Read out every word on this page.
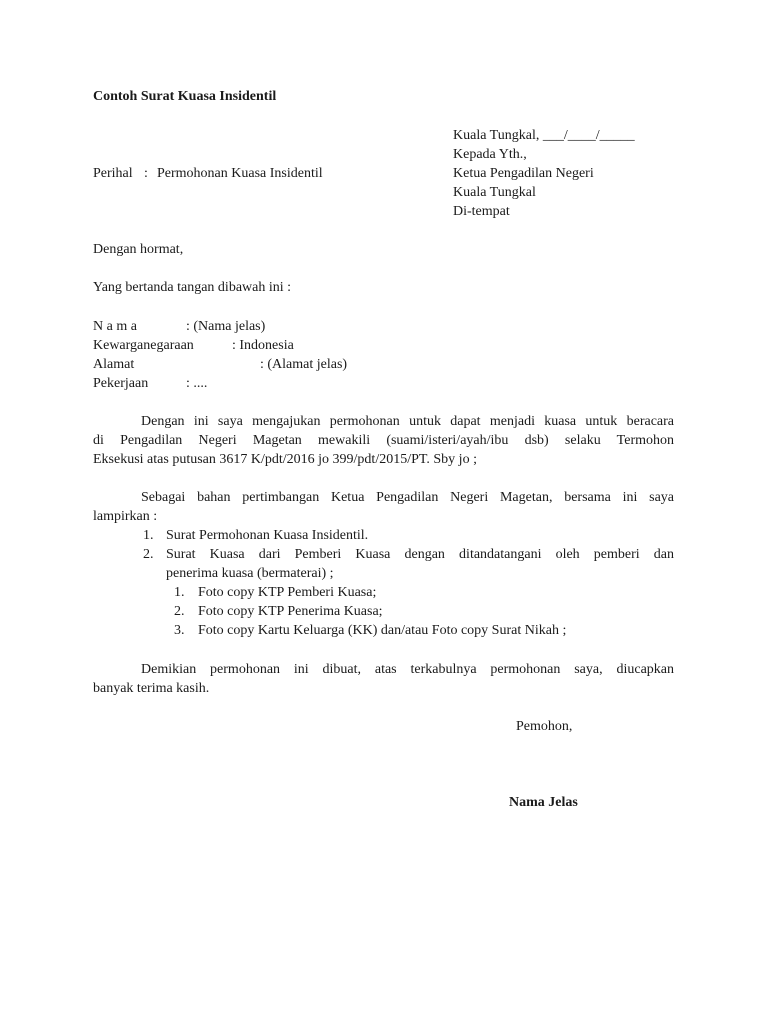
Contoh Surat Kuasa Insidentil
Kuala Tungkal, ___/____/_____
Kepada Yth.,
Ketua Pengadilan Negeri
Kuala Tungkal
Di-tempat
Perihal : Permohonan Kuasa Insidentil
Dengan hormat,
Yang bertanda tangan dibawah ini :
N a m a	: (Nama jelas)
Kewarganegaraan	: Indonesia
Alamat	: (Alamat jelas)
Pekerjaan	: ....
Dengan ini saya mengajukan permohonan untuk dapat menjadi kuasa untuk beracara
di Pengadilan Negeri Magetan mewakili (suami/isteri/ayah/ibu dsb) selaku Termohon
Eksekusi atas putusan 3617 K/pdt/2016 jo 399/pdt/2015/PT. Sby jo ;
Sebagai bahan pertimbangan Ketua Pengadilan Negeri Magetan, bersama ini saya
lampirkan :
1. Surat Permohonan Kuasa Insidentil.
2. Surat Kuasa dari Pemberi Kuasa dengan ditandatangani oleh pemberi dan
penerima kuasa (bermaterai) ;
1. Foto copy KTP Pemberi Kuasa;
2. Foto copy KTP Penerima Kuasa;
3. Foto copy Kartu Keluarga (KK) dan/atau Foto copy Surat Nikah ;
Demikian permohonan ini dibuat, atas terkabulnya permohonan saya, diucapkan
banyak terima kasih.
Pemohon,
Nama Jelas
